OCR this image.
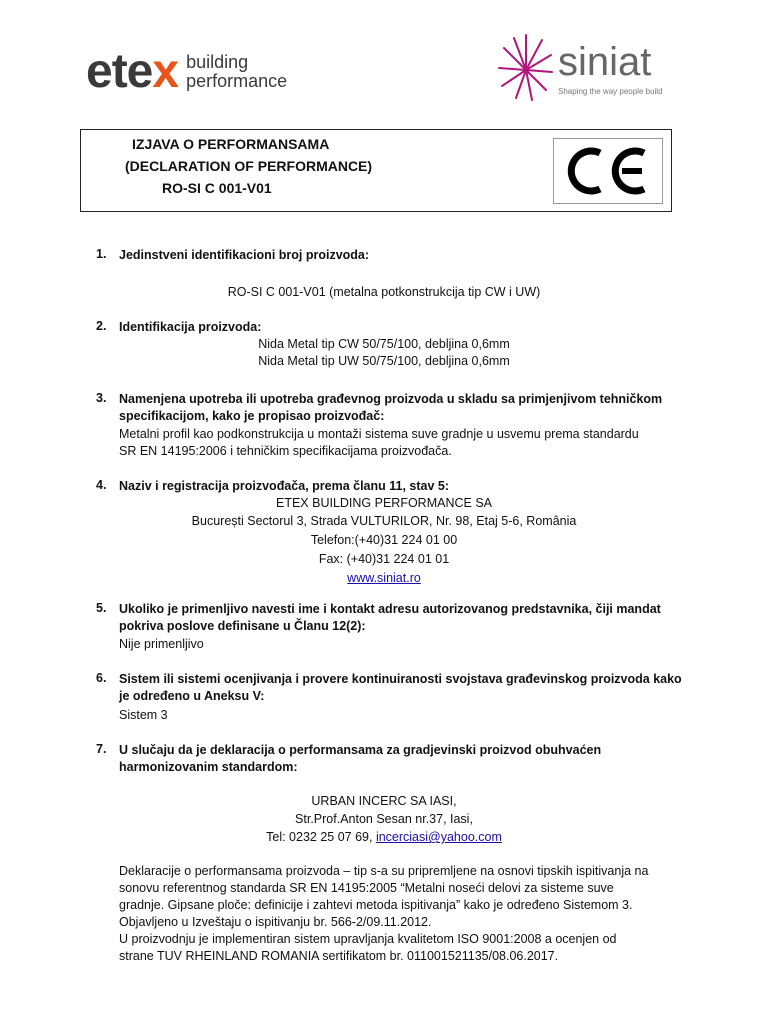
etex building
performance	siniat
Shaping the way people build
IZJAVA O PERFORMANSAMA
(DECLARATION OF PERFORMANCE)
RO-SI C 001-V01
1. Jedinstveni identifikacioni broj proizvoda:
RO-SI C 001-V01 (metalna potkonstrukcija tip CW i UW)
2. Identifikacija proizvoda:
Nida Metal tip CW 50/75/100, debljina 0,6mm
Nida Metal tip UW 50/75/100, debljina 0,6mm
3. Namenjena upotreba ili upotreba građevnog proizvoda u skladu sa primjenjivom tehničkom
specifikacijom, kako je propisao proizvođač:
Metalni profil kao podkonstrukcija u montaži sistema suve gradnje u usvemu prema standardu
SR EN 14195:2006 i tehničkim specifikacijama proizvođača.
4. Naziv i registracija proizvođača, prema članu 11, stav 5:
ETEX BUILDING PERFORMANCE SA
București Sectorul 3, Strada VULTURILOR, Nr. 98, Etaj 5-6, România
Telefon:(+40)31 224 01 00
Fax: (+40)31 224 01 01
www.siniat.ro
5. Ukoliko je primenljivo navesti ime i kontakt adresu autorizovanog predstavnika, čiji mandat
pokriva poslove definisane u Članu 12(2):
Nije primenljivo
6. Sistem ili sistemi ocenjivanja i provere kontinuiranosti svojstava građevinskog proizvoda kako
je određeno u Aneksu V:
Sistem 3
7. U slučaju da je deklaracija o performansama za gradjevinski proizvod obuhvaćen
harmonizovanim standardom:
URBAN INCERC SA IASI,
Str.Prof.Anton Sesan nr.37, Iasi,
Tel: 0232 25 07 69, incerciasi@yahoo.com
Deklaracije o performansama proizvoda – tip s-a su pripremljene na osnovi tipskih ispitivanja na
sonovu referentnog standarda SR EN 14195:2005 “Metalni noseći delovi za sisteme suve
gradnje. Gipsane ploče: definicije i zahtevi metoda ispitivanja” kako je određeno Sistemom 3.
Objavljeno u Izveštaju o ispitivanju br. 566-2/09.11.2012.
U proizvodnju je implementiran sistem upravljanja kvalitetom ISO 9001:2008 a ocenjen od
strane TUV RHEINLAND ROMANIA sertifikatom br. 011001521135/08.06.2017.
